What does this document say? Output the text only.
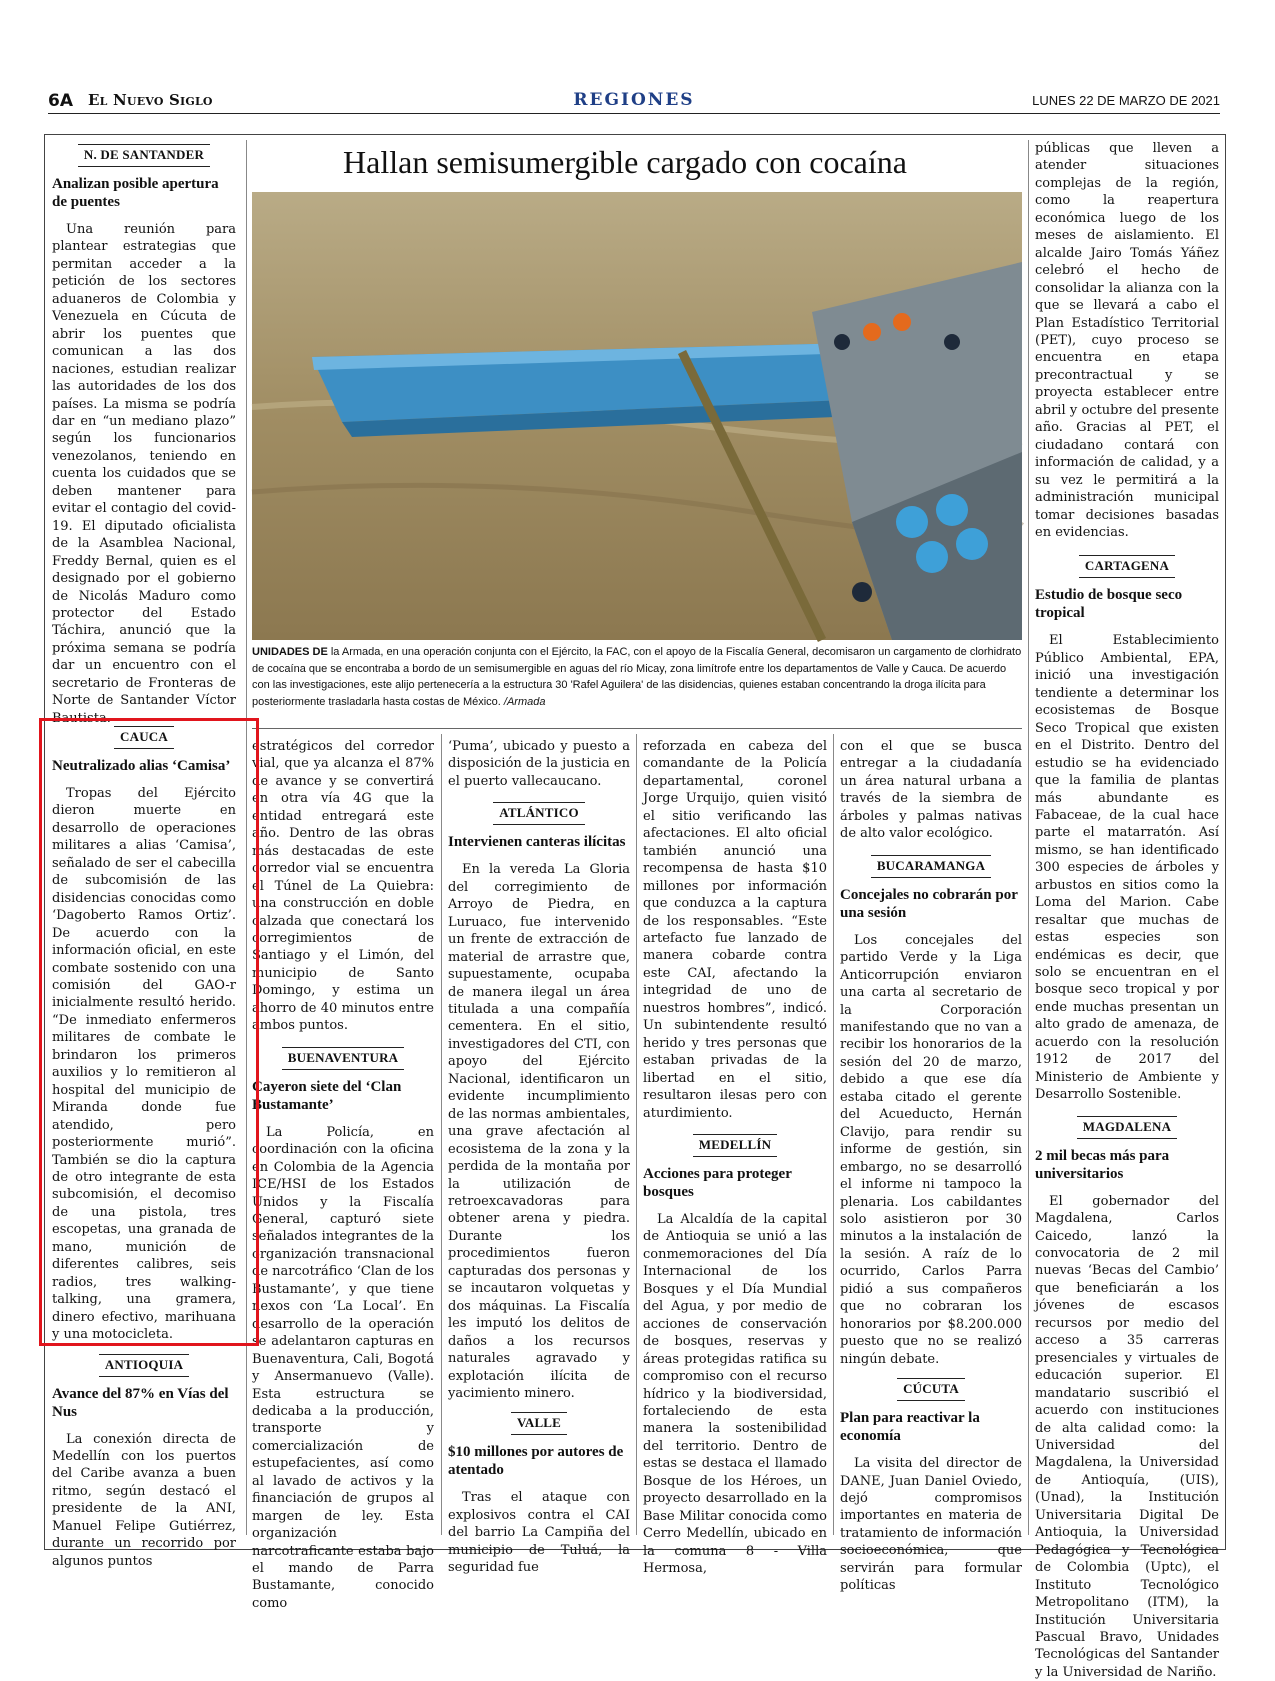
6A El Nuevo Siglo	REGIONES	LUNES 22 DE MARZO DE 2021
Hallan semisumergible cargado con cocaína
UNIDADES DE la Armada, en una operación conjunta con el Ejército, la FAC, con el apoyo de la Fiscalía General, decomisaron un cargamento de clorhidrato de cocaína que se encontraba a bordo de un semisumergible en aguas del río Micay, zona limítrofe entre los departamentos de Valle y Cauca. De acuerdo con las investigaciones, este alijo pertenecería a la estructura 30 'Rafel Aguilera' de las disidencias, quienes estaban concentrando la droga ilícita para posteriormente trasladarla hasta costas de México. /Armada
N. DE SANTANDER
Analizan posible apertura de puentes

Una reunión para plantear estrategias que permitan acceder a la petición de los sectores aduaneros de Colombia y Venezuela en Cúcuta de abrir los puentes que comunican a las dos naciones, estudian realizar las autoridades de los dos países. La misma se podría dar en “un mediano plazo” según los funcionarios venezolanos, teniendo en cuenta los cuidados que se deben mantener para evitar el contagio del covid-19. El diputado oficialista de la Asamblea Nacional, Freddy Bernal, quien es el designado por el gobierno de Nicolás Maduro como protector del Estado Táchira, anunció que la próxima semana se podría dar un encuentro con el secretario de Fronteras de Norte de Santander Víctor Bautista.

CAUCA
Neutralizado alias ‘Camisa’

Tropas del Ejército dieron muerte en desarrollo de operaciones militares a alias ‘Camisa’, señalado de ser el cabecilla de subcomisión de las disidencias conocidas como ‘Dagoberto Ramos Ortiz’. De acuerdo con la información oficial, en este combate sostenido con una comisión del GAO-r inicialmente resultó herido. “De inmediato enfermeros militares de combate le brindaron los primeros auxilios y lo remitieron al hospital del municipio de Miranda donde fue atendido, pero posteriormente murió”. También se dio la captura de otro integrante de esta subcomisión, el decomiso de una pistola, tres escopetas, una granada de mano, munición de diferentes calibres, seis radios, tres walking-talking, una gramera, dinero efectivo, marihuana y una motocicleta.

ANTIOQUIA
Avance del 87% en Vías del Nus

La conexión directa de Medellín con los puertos del Caribe avanza a buen ritmo, según destacó el presidente de la ANI, Manuel Felipe Gutiérrez, durante un recorrido por algunos puntos

estratégicos del corredor vial, que ya alcanza el 87% de avance y se convertirá en otra vía 4G que la entidad entregará este año. Dentro de las obras más destacadas de este corredor vial se encuentra el Túnel de La Quiebra: una construcción en doble calzada que conectará los corregimientos de Santiago y el Limón, del municipio de Santo Domingo, y estima un ahorro de 40 minutos entre ambos puntos.

BUENAVENTURA
Cayeron siete del ‘Clan Bustamante’

La Policía, en coordinación con la oficina en Colombia de la Agencia ICE/HSI de los Estados Unidos y la Fiscalía General, capturó siete señalados integrantes de la organización transnacional de narcotráfico ‘Clan de los Bustamante’, y que tiene nexos con ‘La Local’. En desarrollo de la operación se adelantaron capturas en Buenaventura, Cali, Bogotá y Ansermanuevo (Valle). Esta estructura se dedicaba a la producción, transporte y comercialización de estupefacientes, así como al lavado de activos y la financiación de grupos al margen de ley. Esta organización narcotraficante estaba bajo el mando de Parra Bustamante, conocido como

‘Puma’, ubicado y puesto a disposición de la justicia en el puerto vallecaucano.

ATLÁNTICO
Intervienen canteras ilícitas

En la vereda La Gloria del corregimiento de Arroyo de Piedra, en Luruaco, fue intervenido un frente de extracción de material de arrastre que, supuestamente, ocupaba de manera ilegal un área titulada a una compañía cementera. En el sitio, investigadores del CTI, con apoyo del Ejército Nacional, identificaron un evidente incumplimiento de las normas ambientales, una grave afectación al ecosistema de la zona y la perdida de la montaña por la utilización de retroexcavadoras para obtener arena y piedra. Durante los procedimientos fueron capturadas dos personas y se incautaron volquetas y dos máquinas. La Fiscalía les imputó los delitos de daños a los recursos naturales agravado y explotación ilícita de yacimiento minero.

VALLE
$10 millones por autores de atentado

Tras el ataque con explosivos contra el CAI del barrio La Campiña del municipio de Tuluá, la seguridad fue

reforzada en cabeza del comandante de la Policía departamental, coronel Jorge Urquijo, quien visitó el sitio verificando las afectaciones. El alto oficial también anunció una recompensa de hasta $10 millones por información que conduzca a la captura de los responsables. “Este artefacto fue lanzado de manera cobarde contra este CAI, afectando la integridad de uno de nuestros hombres”, indicó. Un subintendente resultó herido y tres personas que estaban privadas de la libertad en el sitio, resultaron ilesas pero con aturdimiento.

MEDELLÍN
Acciones para proteger bosques

La Alcaldía de la capital de Antioquia se unió a las conmemoraciones del Día Internacional de los Bosques y el Día Mundial del Agua, y por medio de acciones de conservación de bosques, reservas y áreas protegidas ratifica su compromiso con el recurso hídrico y la biodiversidad, fortaleciendo de esta manera la sostenibilidad del territorio. Dentro de estas se destaca el llamado Bosque de los Héroes, un proyecto desarrollado en la Base Militar conocida como Cerro Medellín, ubicado en la comuna 8 - Villa Hermosa,

con el que se busca entregar a la ciudadanía un área natural urbana a través de la siembra de árboles y palmas nativas de alto valor ecológico.

BUCARAMANGA
Concejales no cobrarán por una sesión

Los concejales del partido Verde y la Liga Anticorrupción enviaron una carta al secretario de la Corporación manifestando que no van a recibir los honorarios de la sesión del 20 de marzo, debido a que ese día estaba citado el gerente del Acueducto, Hernán Clavijo, para rendir su informe de gestión, sin embargo, no se desarrolló el informe ni tampoco la plenaria. Los cabildantes solo asistieron por 30 minutos a la instalación de la sesión. A raíz de lo ocurrido, Carlos Parra pidió a sus compañeros que no cobraran los honorarios por $8.200.000 puesto que no se realizó ningún debate.

CÚCUTA
Plan para reactivar la economía

La visita del director de DANE, Juan Daniel Oviedo, dejó compromisos importantes en materia de tratamiento de información socioeconómica, que servirán para formular políticas

públicas que lleven a atender situaciones complejas de la región, como la reapertura económica luego de los meses de aislamiento. El alcalde Jairo Tomás Yáñez celebró el hecho de consolidar la alianza con la que se llevará a cabo el Plan Estadístico Territorial (PET), cuyo proceso se encuentra en etapa precontractual y se proyecta establecer entre abril y octubre del presente año. Gracias al PET, el ciudadano contará con información de calidad, y a su vez le permitirá a la administración municipal tomar decisiones basadas en evidencias.

CARTAGENA
Estudio de bosque seco tropical

El Establecimiento Público Ambiental, EPA, inició una investigación tendiente a determinar los ecosistemas de Bosque Seco Tropical que existen en el Distrito. Dentro del estudio se ha evidenciado que la familia de plantas más abundante es Fabaceae, de la cual hace parte el matarratón. Así mismo, se han identificado 300 especies de árboles y arbustos en sitios como la Loma del Marion. Cabe resaltar que muchas de estas especies son endémicas es decir, que solo se encuentran en el bosque seco tropical y por ende muchas presentan un alto grado de amenaza, de acuerdo con la resolución 1912 de 2017 del Ministerio de Ambiente y Desarrollo Sostenible.

MAGDALENA
2 mil becas más para universitarios

El gobernador del Magdalena, Carlos Caicedo, lanzó la convocatoria de 2 mil nuevas ‘Becas del Cambio’ que beneficiarán a los jóvenes de escasos recursos por medio del acceso a 35 carreras presenciales y virtuales de educación superior. El mandatario suscribió el acuerdo con instituciones de alta calidad como: la Universidad del Magdalena, la Universidad de Antioquía, (UIS), (Unad), la Institución Universitaria Digital De Antioquia, la Universidad Pedagógica y Tecnológica de Colombia (Uptc), el Instituto Tecnológico Metropolitano (ITM), la Institución Universitaria Pascual Bravo, Unidades Tecnológicas del Santander y la Universidad de Nariño.
